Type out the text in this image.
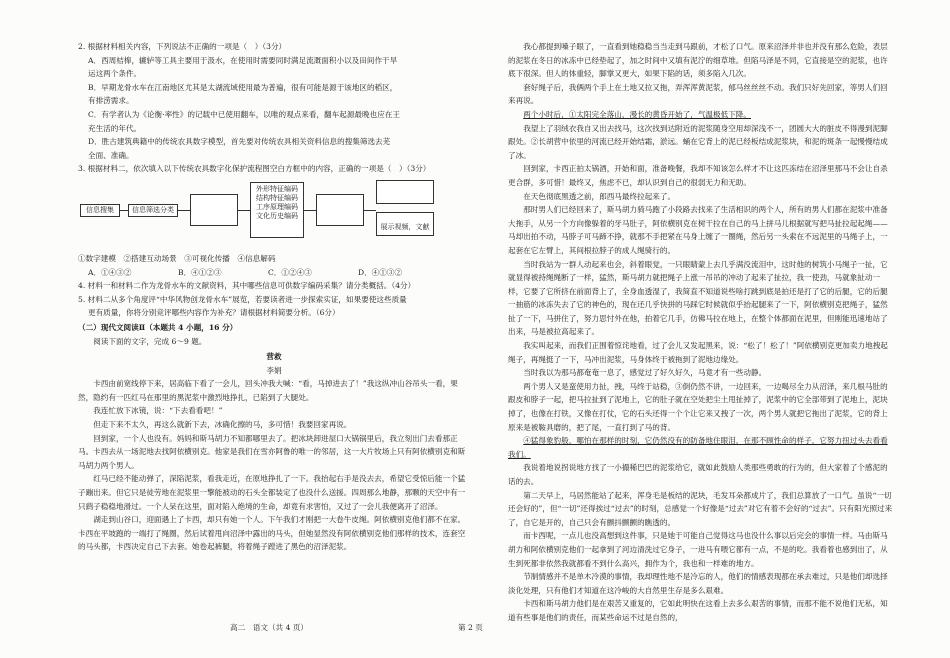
2. 根据材料相关内容，下列说法不正确的一项是（　）（3分）

A．西周桔槔，辘轳等工具主要用于汲水，在使用时需要同时满足流溉面积小以及田间作干旱

运这两个条件。

B．早期龙骨水车在江南地区尤其是太湖流域使用最为普遍，很有可能是源于该地区的稻区，

有排涝需求。

C．有学者认为《论衡·率性》的记载中已使用翻车，以唯的观点来看，翻车起源最晚也应在王

充生活的年代。

D．胜古建筑典籍中的传统农具数字模型，首先要对传统农具相关资料信息的搜集筛选去芜

全面、准确。

3. 根据材料二，依次填入以下传统农具数字化保护流程图空白方框中的内容，正确的一项是（　）（3分）

信息搜集	信息筛选分类
外形特征编码
结构特征编码
工序原理编码
文化历史编码
展示视频，文献

①数字建模　②搭建互动场景　③可视化传播　④信息解码

A．①④③②	B．④①②③	C．①②④③	D．④①③②

4. 材料一和材料二作为龙骨水车的文献资料，其中哪些信息可供数字编码采集？请分类概括。（4分）

5. 材料二从多个角度评“中华风物创龙骨水车”展览，若要读者进一步探索实证，如果要使这些质量

更有质量，你将分别竞评哪些内容作为补充？请根据材料简要分析。（6分）

（二）现代文阅读Ⅱ（本题共 4 小题，16 分）

阅读下面的文字，完成 6～9 题。

营救

李娟

卡西由前宽线停下来，居高临下看了一会儿，回头冲我大喊：“看，马掉进去了！”我这纵冲山谷吊头一看，果然，隐约有一匹红马在那里的黑泥浆中激烈地挣扎，已陷到了大腿处。

我连忙放下冰镜，说：“下去看看吧！”

但走下来不太久，再这么就新下去，冰确化擦的马，多可惜！我要回家再说。

回到家，一个人也没有。妈妈和斯马胡力不知都哪里去了。把冰块卸进屋口大锅锅里后，我立刻出门去看那正马。卡西去从一场泥地去找阿依横别克。他家是我们在雪亦阿鲁的唯一的邻居，这一大片牧场上只有阿依横别克和斯马胡力两个男人。

红马已经不能动弹了，深陷泥浆，看我走近，在原地挣扎了一下。我抬起右手是没去去，希望它受惊后能一个猛子蹦出来。但它只是徒劳地在泥浆里一擎能被动的石头全都装定了也没什么送援。四周那么地静，那颗的天空中有一只鹞子稳稳地滑过。一个人呆在这里，面对陷入绝境的生命，却竟有求害怕，又过了一会儿我便离开了沼泽。

湖走到山谷口，迎面遇上了卡西，却只有她一个人。下午我们才刚把一大卷牛皮绳。阿依横别克他们都不在家。卡西在平坡跑的一端打了绳圈，然后试着甩向沼泽中露出的马头，但她显然没有阿依横别克他们那样的技术，连套空的马头都，卡西决定自己下去套。她卷起裤腿，将着绳子蹚进了黑色的沼泽泥浆。

我心都提到嗓子眼了，一直看到她稳稳当当走到马跟前，才松了口气。原来沼泽并非也并没有那么危险，表层的泥浆在冬日的冰冻中已经垫起了，加之时间中又填有泥泞的细草堆。但陷马泽是不同，它直接是空的泥浆，也许底下很深。但人的体重轻，脚掌又更大，如果下陷的话，须多陷入几次。

套好绳子后，我俩两个手上在土地又拉又拖，弄浑浑黄泥浆，郁马丝丝丝不动。我们只好先回家，等男人们回来再说。

两个小时后，①太阳完全落山，漫长的黄昏开始了，气温极低下降。

我望上了羽绒衣我自又出去找马，这次找到达附近的泥浆随身空用却深浅不一，团圆大大的脏皮不得漫到泥脚跟处。②长胡营中依里的河流已经开始结霜，淤远。蛹在它背上的泥已经板结成泥浆块，和泥的斑条一起慢慢结成了冰。

回到家，卡西正拍太锅酒，开始和面，准备晚餐，我却不知该怎么样才不让这匹冻结在沼泽里那马不会让自杀更合群，多可惜！最终又，焦虑不已，却认识到自己的很弱无力和无助。

在天色彻底黑透之前，郎西马最终拉起来了。

那时男人们已经回来了，斯马胡力骑马跑了小段路去找来了生活相识的两个人，所有的男人们都在泥浆中准备大拖手，从另一个方向像躲着的牙马肚子，阿依横别克在树干拉在自己的马上拼马儿根据就写把马扯拉起起绳——马却出拍不动，马脖子可马蹄不挣，就那不手把紧在马身上缠了一圈绳，然后另一头索在不远泥里的马绳子上，一起套在它左臂上，其间根拉脖子的成人绳骑行的。

当时我站为一群人动起来也会，斜着眼觉，一只眼睛蒙上去几乎满没流泪中，这时他的树筑小马绳子一扯，它就显得被持绳绳断了一样，猛然，斯马胡力就把绳子上涨一吊吊的冲动了起来了扯拉，我一使劲，马就象扯动一样，它要了它所挤在前面背上了，全身血透湿了，我简直不知道说些啥打跳到底是拍还是打了它的后腿，它的后腿一抽筋的冰冻失去了它的神色的，现在还几乎快拼的马踩它时候就似乎抬起腿来了一下，阿依横别克把绳子，猛然扯了一下，马拼住了，努力思忖外在他，拍着它几手，仿佛马拉在地上，在整个体都面在泥里，但刚能迅速地站了出来，马是被拉高起来了。

我实叫起来，而我们正围着惊诧地看，过了会儿又发起黑来，说：“松了！松了！”阿依横别克更加卖力地拽起绳子，再绳挺了一下，马冲出泥浆，马身体终于被拖到了泥地边缘处。

当时我以为那马都奄奄一息了，感觉过了好久好久，马竟才有一些动静。

两个男人又是蛮使用力扯，拽，马终于站稳，③倒仍然不讲，一边回来，一边喝尽全力从沼泽，来几根马肚的跟皮和脖子一起，把马拉扯到了泥地上，它的肚子就在空处把尘土甩扯掉了，泥浆中的它全部带到了泥地上，泥块掉了，也像在打铁，又像在打仗，它的石头还得一个个让它来又拽了一次，两个男人就把它拖出了泥浆，它的背上原来是被鞍具磨的，把了尾，一直打到了马的背。

④猛得象豹般，哪怕在那样的时刻，它仍然没有的防备地住眼泪，在那不顾性命的样子，它努力扭过头去看看我们。

我说着地说拐说地方找了一小撮稀巴巴的泥浆给它，就如此鼓励人类那些勇敢的行为的，但大家着了个感泥的话的去。

第二天早上，马居然能站了起来，浑身毛是板结的泥块，毛发耳朵都成片了，我们总算放了一口气。虽说“一切还会好的”，但“一切”还得挨过“过去”的时刻，总感觉一个好像是“过去”对它有着不会好的“过去”。只有阳光照过来了，自它是开的，自己只会有颤抖颤颤的瞧透的。

而卡西呢，一点儿也没高想到这件事，只是她于可能自己觉得这马也没什么事以后完会的事情一样。马由斯马胡力和阿依横别克他们一起拿到了河边清洗过它身子，一进马有喂它都有一点，不是的吃。我看着也感到出了，从生到死都非依然我就都看不到什么高兴，拥作为个，我也和一样难的地方。

节制情感并不是单木冷漠的事情，我却理性地不是冷忘的人，他们的情感表现都在承去难过，只是他们却选择淡化处理，只有他们才知道在这冷峻的大自然里生存是多么艰难。

卡西和斯马胡力他们是在艰苦又重复的，它如此明快在这看上去多么艰苦的事情，而那不能不说他们无私，知道有些事是他们的责任，而某些命运不过是自然的，

高二　语文（共 4 页）	第 2 页
